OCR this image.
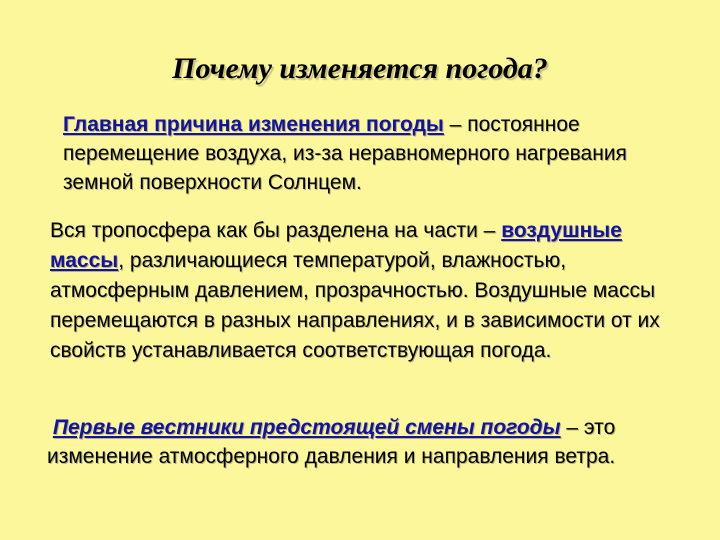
Почему изменяется погода?
Главная причина изменения погоды – постоянное перемещение воздуха, из-за неравномерного нагревания земной поверхности Солнцем.
Вся тропосфера как бы разделена на части – воздушные массы, различающиеся температурой, влажностью, атмосферным давлением, прозрачностью. Воздушные массы перемещаются в разных направлениях, и в зависимости от их свойств устанавливается соответствующая погода.
Первые вестники предстоящей смены погоды – это изменение атмосферного давления и направления ветра.
